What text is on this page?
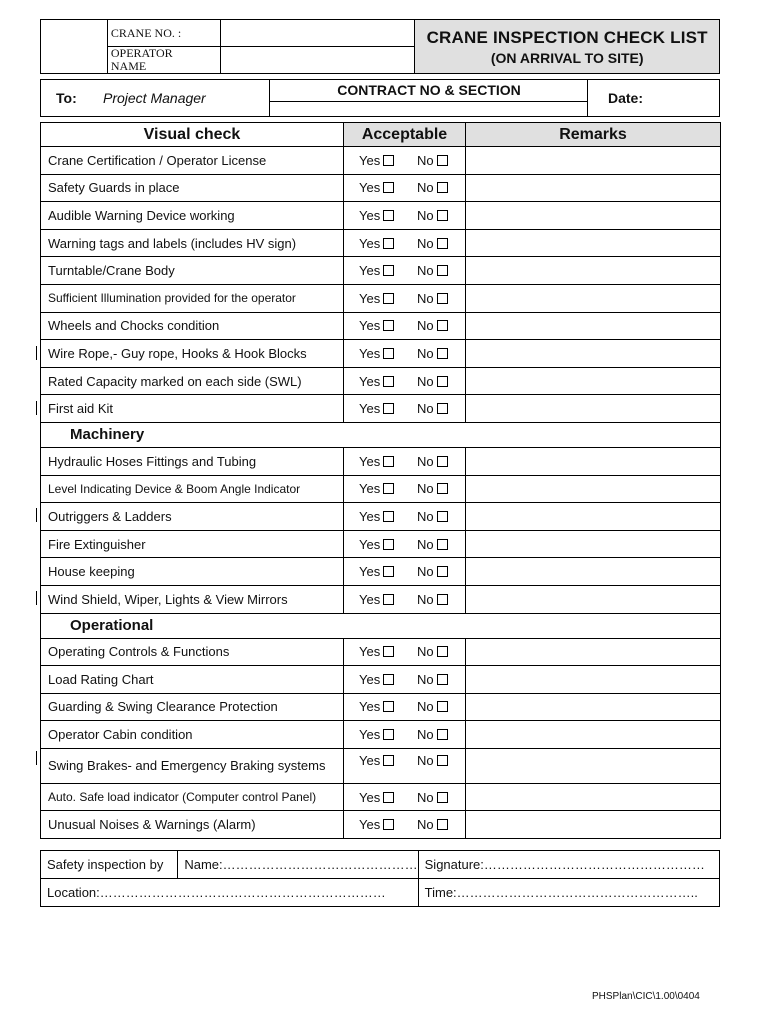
	CRANE NO. :		CRANE INSPECTION CHECK LIST
(ON ARRIVAL TO SITE)

	OPERATOR
NAME		

To: Project Manager	CONTRACT NO & SECTION	Date:
Visual check	Acceptable	Remarks
Crane Certification / Operator License	Yes No	
Safety Guards in place	Yes No	
Audible Warning Device working	Yes No	
Warning tags and labels (includes HV sign)	Yes No	
Turntable/Crane Body	Yes No	
Sufficient Illumination provided for the operator	Yes No	
Wheels and Chocks condition	Yes No	
Wire Rope,- Guy rope, Hooks & Hook Blocks	Yes No	
Rated Capacity marked on each side (SWL)	Yes No	
First aid Kit	Yes No	
Machinery		
Hydraulic Hoses Fittings and Tubing	Yes No	
Level Indicating Device & Boom Angle Indicator	Yes No	
Outriggers & Ladders	Yes No	
Fire Extinguisher	Yes No	
House keeping	Yes No	
Wind Shield, Wiper, Lights & View Mirrors	Yes No	
Operational		
Operating Controls & Functions	Yes No	
Load Rating Chart	Yes No	
Guarding & Swing Clearance Protection	Yes No	
Operator Cabin condition	Yes No	
Swing Brakes- and Emergency Braking systems	Yes No	
Auto. Safe load indicator (Computer control Panel)	Yes No	
Unusual Noises & Warnings (Alarm)	Yes No	
Safety inspection by	Name:………………………………………	Signature:……………………………………………
Location:…………………………………………………………		Time:………………………………………………..
PHSPlan\CIC\1.00\0404
